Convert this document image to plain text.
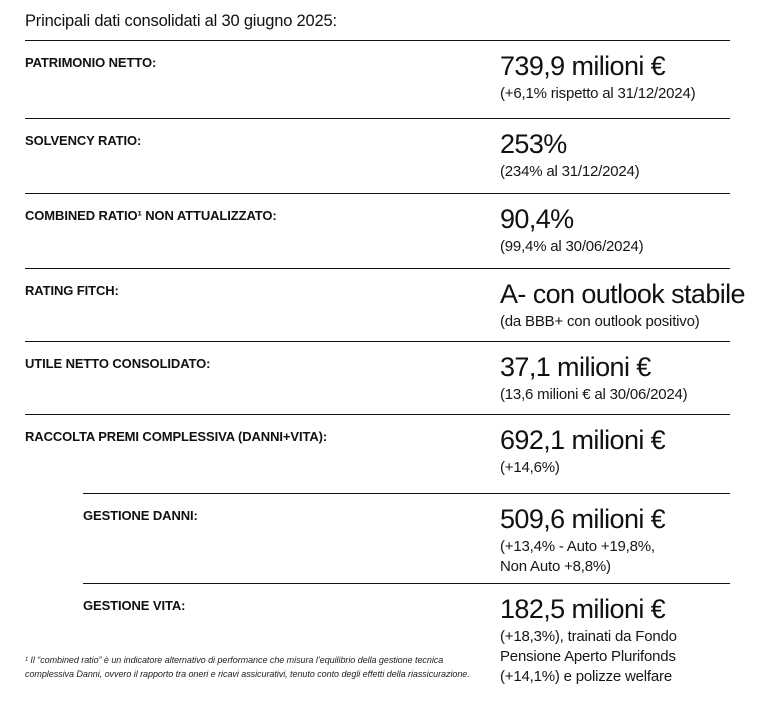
Principali dati consolidati al 30 giugno 2025:
PATRIMONIO NETTO:	739,9 milioni €
(+6,1% rispetto al 31/12/2024)
SOLVENCY RATIO:	253%
(234% al 31/12/2024)
COMBINED RATIO¹ NON ATTUALIZZATO:	90,4%
(99,4% al 30/06/2024)
RATING FITCH:	A- con outlook stabile
(da BBB+ con outlook positivo)
UTILE NETTO CONSOLIDATO:	37,1 milioni €
(13,6 milioni € al 30/06/2024)
RACCOLTA PREMI COMPLESSIVA (DANNI+VITA):	692,1 milioni €
(+14,6%)
GESTIONE DANNI:	509,6 milioni €
(+13,4% - Auto +19,8%,
Non Auto +8,8%)
GESTIONE VITA:	182,5 milioni €
(+18,3%), trainati da Fondo
Pensione Aperto Plurifonds
(+14,1%) e polizze welfare
¹ Il “combined ratio” è un indicatore alternativo di performance che misura l’equilibrio della gestione tecnica
complessiva Danni, ovvero il rapporto tra oneri e ricavi assicurativi, tenuto conto degli effetti della riassicurazione.
